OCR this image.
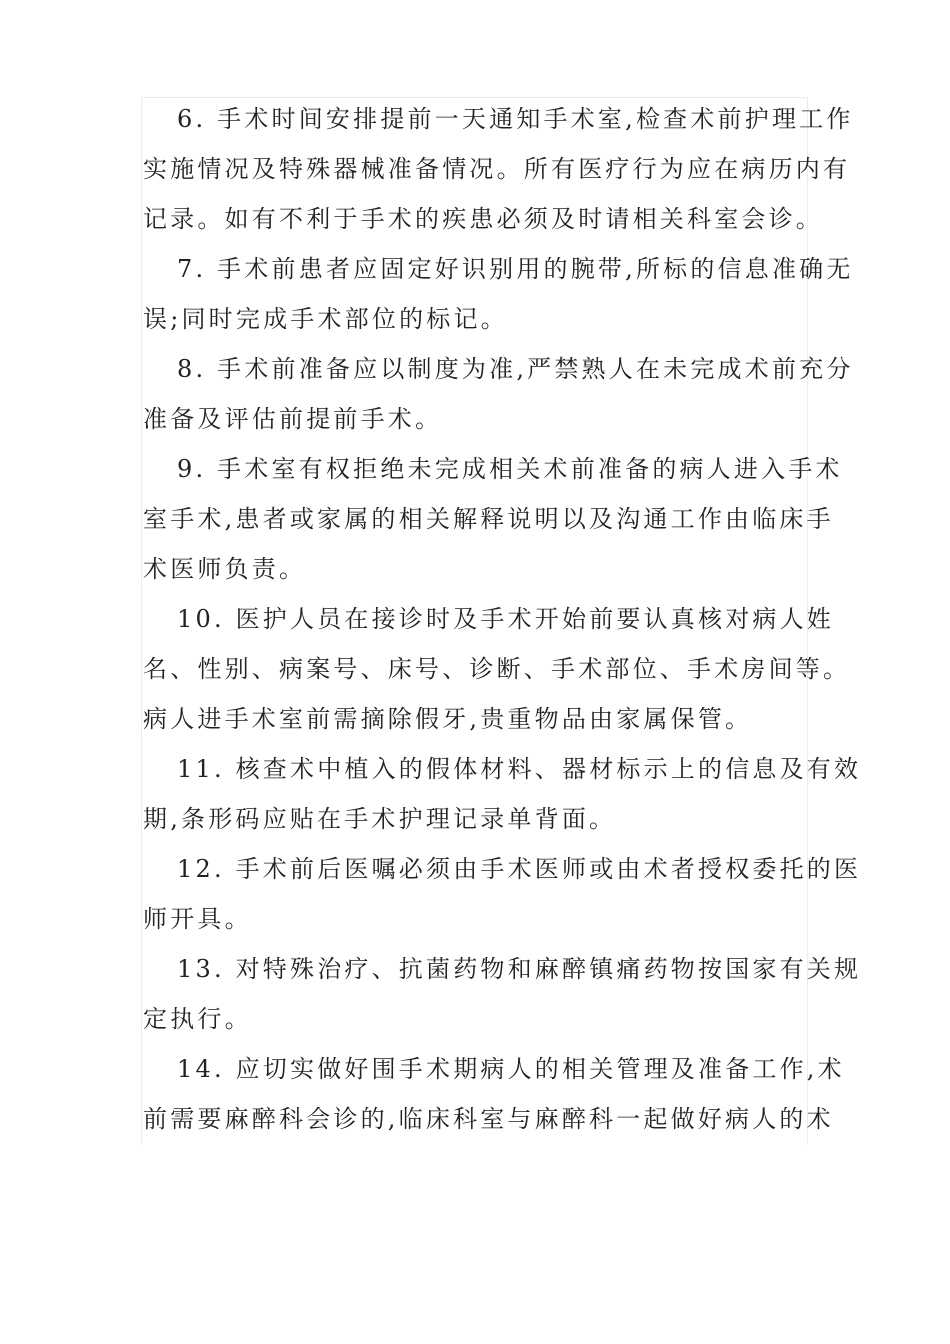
6. 手术时间安排提前一天通知手术室,检查术前护理工作
实施情况及特殊器械准备情况。所有医疗行为应在病历内有
记录。如有不利于手术的疾患必须及时请相关科室会诊。

7. 手术前患者应固定好识别用的腕带,所标的信息准确无
误;同时完成手术部位的标记。

8. 手术前准备应以制度为准,严禁熟人在未完成术前充分
准备及评估前提前手术。

9. 手术室有权拒绝未完成相关术前准备的病人进入手术
室手术,患者或家属的相关解释说明以及沟通工作由临床手
术医师负责。

10. 医护人员在接诊时及手术开始前要认真核对病人姓
名、性别、病案号、床号、诊断、手术部位、手术房间等。
病人进手术室前需摘除假牙,贵重物品由家属保管。

11. 核查术中植入的假体材料、器材标示上的信息及有效
期,条形码应贴在手术护理记录单背面。

12. 手术前后医嘱必须由手术医师或由术者授权委托的医
师开具。

13. 对特殊治疗、抗菌药物和麻醉镇痛药物按国家有关规
定执行。

14. 应切实做好围手术期病人的相关管理及准备工作,术
前需要麻醉科会诊的,临床科室与麻醉科一起做好病人的术
